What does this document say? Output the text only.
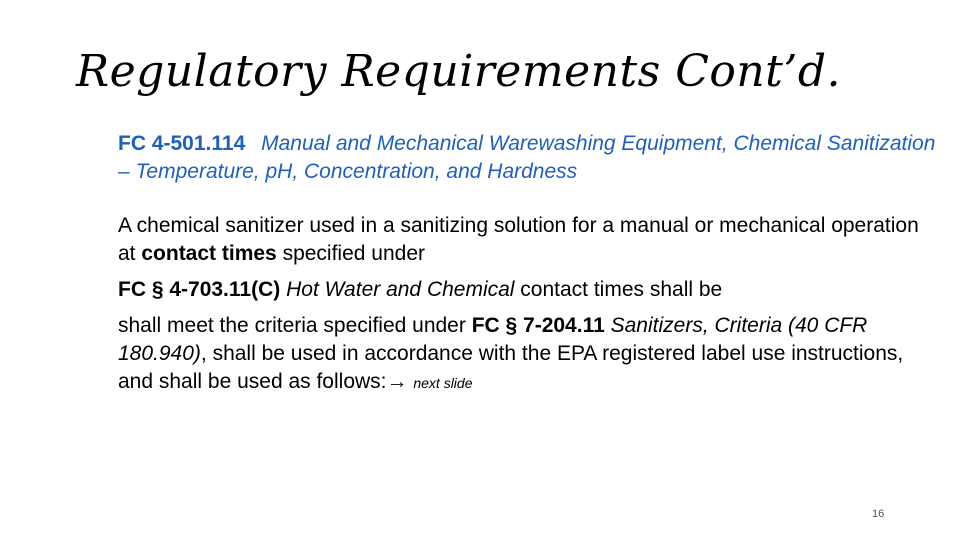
Regulatory Requirements Cont’d.
FC 4-501.114 Manual and Mechanical Warewashing Equipment, Chemical Sanitization – Temperature, pH, Concentration, and Hardness
A chemical sanitizer used in a sanitizing solution for a manual or mechanical operation at contact times specified under
FC § 4-703.11(C) Hot Water and Chemical contact times shall be
shall meet the criteria specified under FC § 7-204.11 Sanitizers, Criteria (40 CFR 180.940), shall be used in accordance with the EPA registered label use instructions, and shall be used as follows:→ next slide
16
